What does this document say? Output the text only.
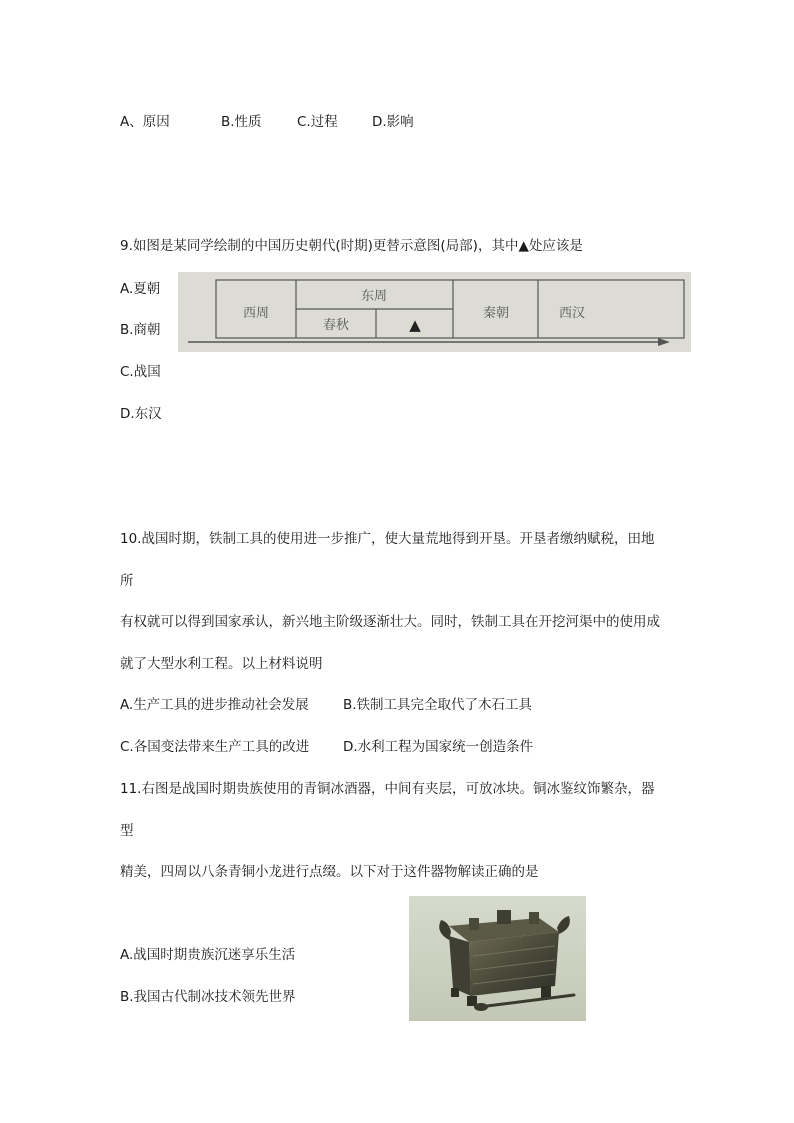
A、原因	B.性质	C.过程	D.影响
9.如图是某同学绘制的中国历史朝代(时期)更替示意图(局部)，其中▲处应该是
A.夏朝
B.商朝
C.战国
D.东汉
西周
东周
春秋	▲
秦朝	西汉
10.战国时期，铁制工具的使用进一步推广，使大量荒地得到开垦。开垦者缴纳赋税，田地
所
有权就可以得到国家承认，新兴地主阶级逐渐壮大。同时，铁制工具在开挖河渠中的使用成
就了大型水利工程。以上材料说明
A.生产工具的进步推动社会发展	B.铁制工具完全取代了木石工具
C.各国变法带来生产工具的改进	D.水利工程为国家统一创造条件
11.右图是战国时期贵族使用的青铜冰酒器，中间有夹层，可放冰块。铜冰鉴纹饰繁杂，器
型
精美，四周以八条青铜小龙进行点缀。以下对于这件器物解读正确的是
A.战国时期贵族沉迷享乐生活
B.我国古代制冰技术领先世界
